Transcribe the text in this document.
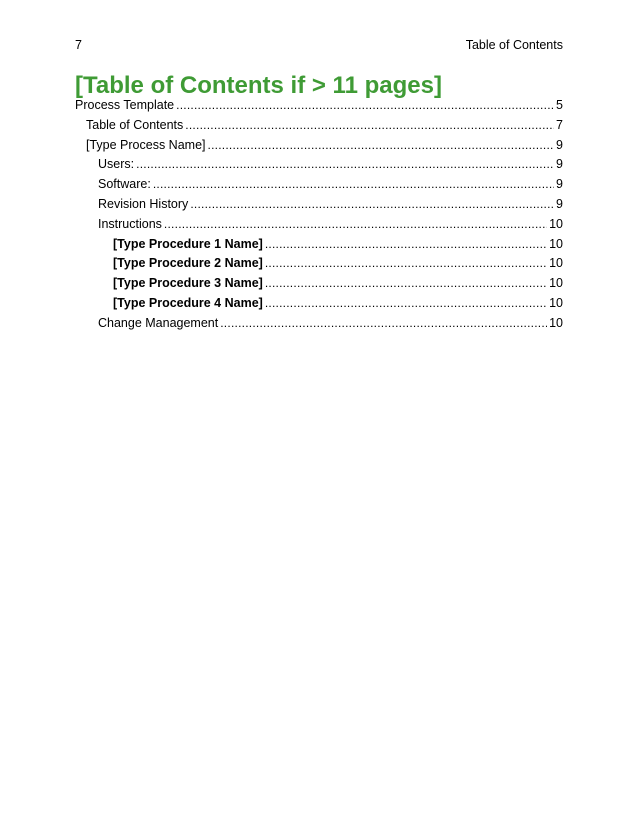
7	Table of Contents
[Table of Contents if > 11 pages]
Process Template . . .	5
Table of Contents . . .	7
[Type Process Name] . . .	9
Users: . . .	9
Software: . . .	9
Revision History . . .	9
Instructions . . .	10
[Type Procedure 1 Name] . . .	10
[Type Procedure 2 Name] . . .	10
[Type Procedure 3 Name] . . .	10
[Type Procedure 4 Name] . . .	10
Change Management . . .	10
